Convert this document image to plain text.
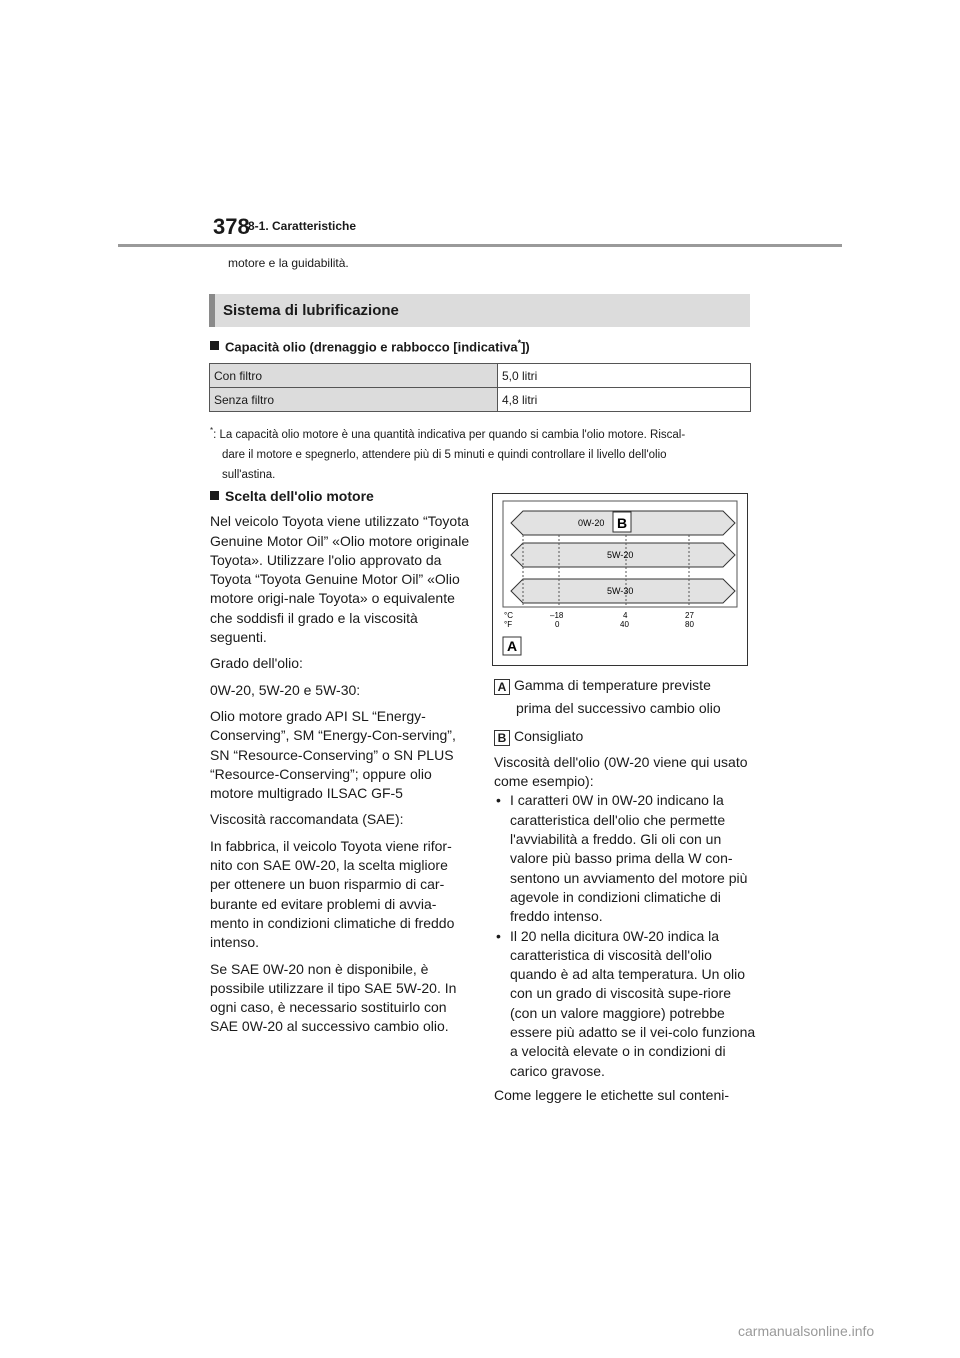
378
8-1. Caratteristiche
motore e la guidabilità.
Sistema di lubrificazione
Capacità olio (drenaggio e rabbocco [indicativa*])
Con filtro	5,0 litri
Senza filtro	4,8 litri
*: La capacità olio motore è una quantità indicativa per quando si cambia l'olio motore. Riscal-
dare il motore e spegnerlo, attendere più di 5 minuti e quindi controllare il livello dell'olio
sull'astina.

Scelta dell'olio motore

Nel veicolo Toyota viene utilizzato “Toyota Genuine Motor Oil” «Olio motore originale Toyota». Utilizzare l'olio approvato da Toyota “Toyota Genuine Motor Oil” «Olio motore origi-nale Toyota» o equivalente che soddisfi il grado e la viscosità seguenti.

Grado dell'olio:

0W-20, 5W-20 e 5W-30:

Olio motore grado API SL “Energy-Conserving”, SM “Energy-Con-serving”, SN “Resource-Conserving” o SN PLUS “Resource-Conserving”; oppure olio motore multigrado ILSAC GF-5

Viscosità raccomandata (SAE):

In fabbrica, il veicolo Toyota viene rifor-nito con SAE 0W-20, la scelta migliore per ottenere un buon risparmio di car-burante ed evitare problemi di avvia-mento in condizioni climatiche di freddo intenso.

Se SAE 0W-20 non è disponibile, è possibile utilizzare il tipo SAE 5W-20. In ogni caso, è necessario sostituirlo con SAE 0W-20 al successivo cambio olio.

0W-20 B
5W-20
5W-30
°C
°F
–18	4	27
0	40	80
A

A Gamma di temperature previste

prima del successivo cambio olio

B Consigliato

Viscosità dell'olio (0W-20 viene qui usato come esempio):

• I caratteri 0W in 0W-20 indicano la caratteristica dell'olio che permette l'avviabilità a freddo. Gli oli con un valore più basso prima della W con-sentono un avviamento del motore più agevole in condizioni climatiche di freddo intenso.
• Il 20 nella dicitura 0W-20 indica la caratteristica di viscosità dell'olio quando è ad alta temperatura. Un olio con un grado di viscosità supe-riore (con un valore maggiore) potrebbe essere più adatto se il vei-colo funziona a velocità elevate o in condizioni di carico gravose.

Come leggere le etichette sul conteni-

carmanualsonline.info
